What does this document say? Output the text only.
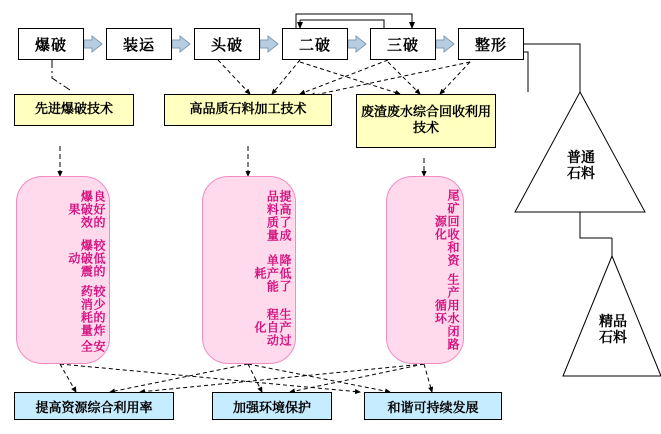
爆破	装运	头破	二破	三破	整形
先进爆破技术	高品质石料加工技术	废渣废水综合回收利用技术
安全
较少的炸药消耗量
较低的爆破震动
良好的爆破效果
生产过程自动化
降低了单产能耗
提高了成品料质量
生产用水闭路循环
尾矿回收和资源化
提高资源综合利用率	加强环境保护	和谐可持续发展
普通
石料
精品
石料
